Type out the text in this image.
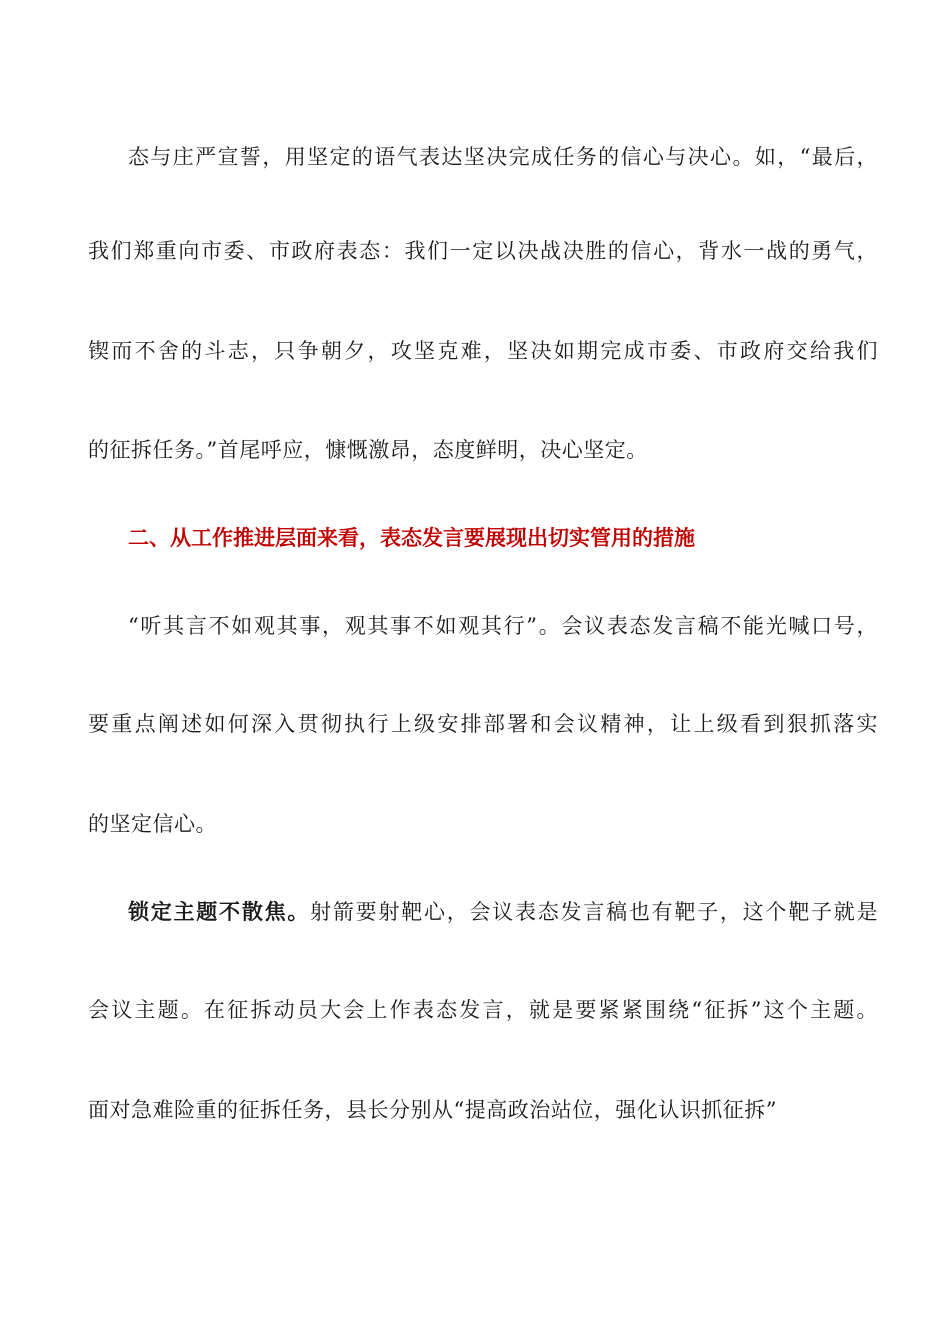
态与庄严宣誓，用坚定的语气表达坚决完成任务的信心与决心。如，“最后，
我们郑重向市委、市政府表态：我们一定以决战决胜的信心，背水一战的勇气，
锲而不舍的斗志，只争朝夕，攻坚克难，坚决如期完成市委、市政府交给我们
的征拆任务。”首尾呼应，慷慨激昂，态度鲜明，决心坚定。
二、从工作推进层面来看，表态发言要展现出切实管用的措施
“听其言不如观其事，观其事不如观其行”。会议表态发言稿不能光喊口号，
要重点阐述如何深入贯彻执行上级安排部署和会议精神，让上级看到狠抓落实
的坚定信心。
锁定主题不散焦。射箭要射靶心，会议表态发言稿也有靶子，这个靶子就是
会议主题。在征拆动员大会上作表态发言，就是要紧紧围绕“征拆”这个主题。
面对急难险重的征拆任务，县长分别从“提高政治站位，强化认识抓征拆”
